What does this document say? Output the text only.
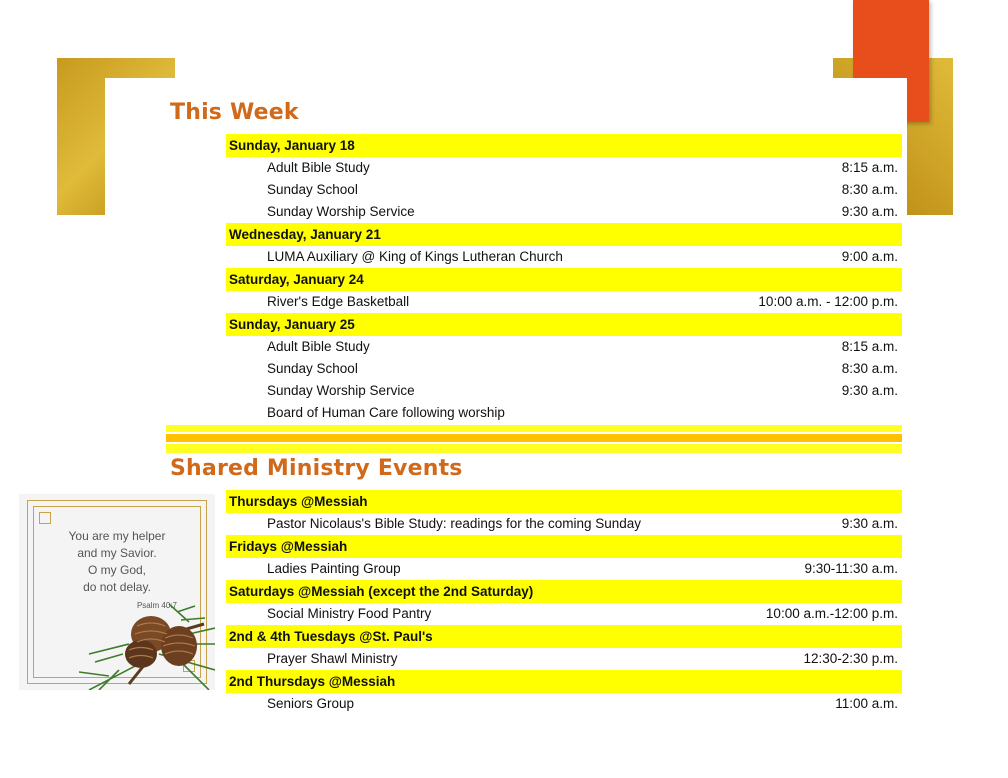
This Week
Sunday, January 18
Adult Bible Study	8:15 a.m.
Sunday School	8:30 a.m.
Sunday Worship Service	9:30 a.m.
Wednesday, January 21
LUMA Auxiliary @ King of Kings Lutheran Church	9:00 a.m.
Saturday, January 24
River's Edge Basketball	10:00 a.m. - 12:00 p.m.
Sunday, January 25
Adult Bible Study	8:15 a.m.
Sunday School	8:30 a.m.
Sunday Worship Service	9:30 a.m.
Board of Human Care following worship
Shared Ministry Events
Thursdays @Messiah
Pastor Nicolaus's Bible Study: readings for the coming Sunday	9:30 a.m.
Fridays @Messiah
Ladies Painting Group	9:30-11:30 a.m.
Saturdays @Messiah (except the 2nd Saturday)
Social Ministry Food Pantry	10:00 a.m.-12:00 p.m.
2nd & 4th Tuesdays @St. Paul's
Prayer Shawl Ministry	12:30-2:30 p.m.
2nd Thursdays @Messiah
Seniors Group	11:00 a.m.
You are my helper
and my Savior.
O my God,
do not delay.
Psalm 40:7
